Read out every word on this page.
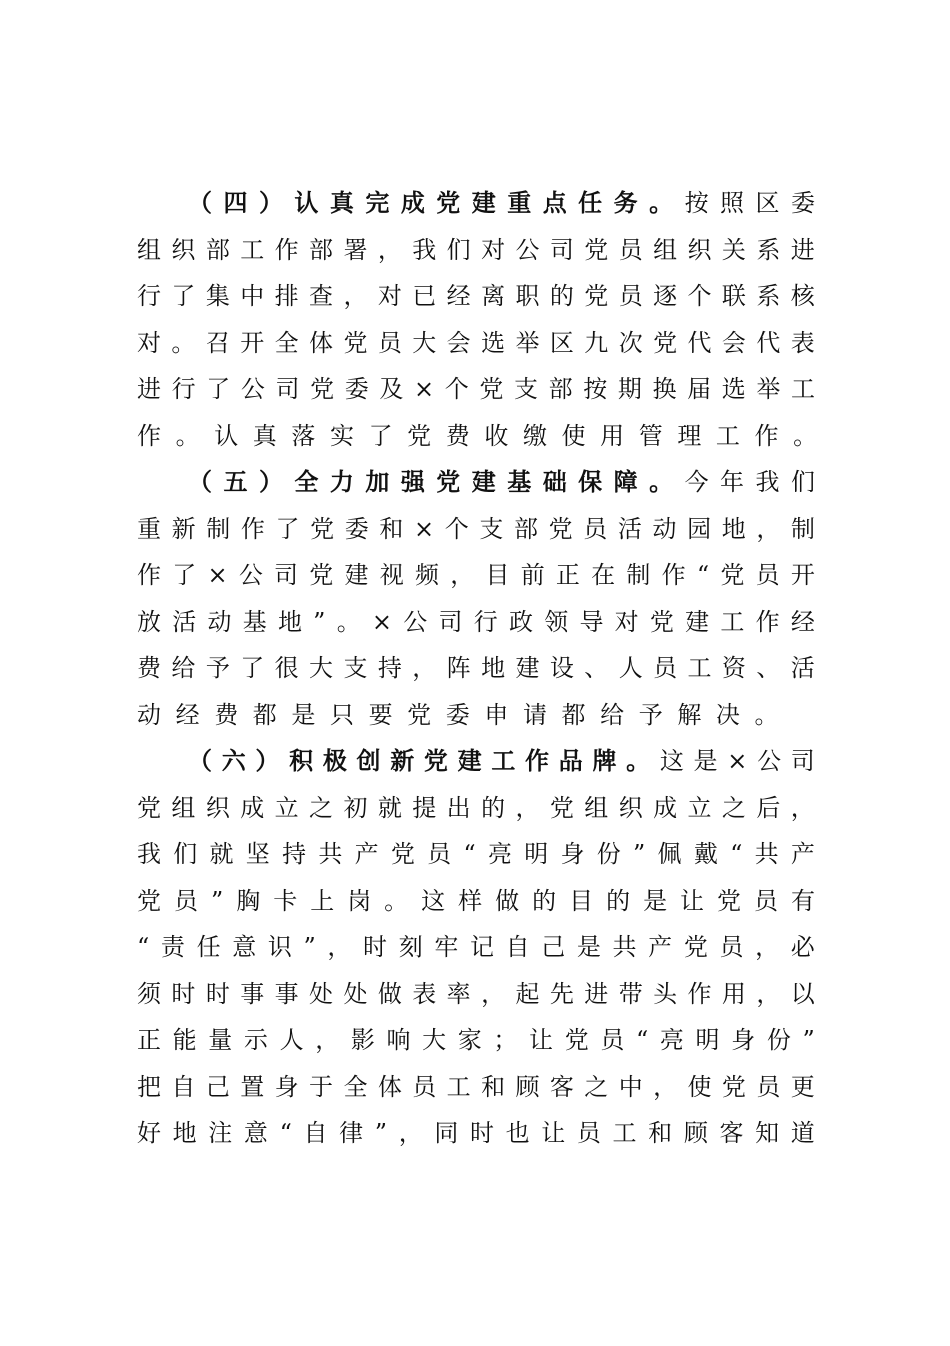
（ 四 ） 认 真 完 成 党 建 重 点 任 务 。 按 照 区 委
组 织 部 工 作 部 署 ， 我 们 对 公 司 党 员 组 织 关 系 进
行 了 集 中 排 查 ， 对 已 经 离 职 的 党 员 逐 个 联 系 核
对 。 召 开 全 体 党 员 大 会 选 举 区 九 次 党 代 会 代 表
进 行 了 公 司 党 委 及 × 个 党 支 部 按 期 换 届 选 举 工
作 。 认 真 落 实 了 党 费 收 缴 使 用 管 理 工 作 。
（ 五 ） 全 力 加 强 党 建 基 础 保 障 。 今 年 我 们
重 新 制 作 了 党 委 和 × 个 支 部 党 员 活 动 园 地 ， 制
作 了 × 公 司 党 建 视 频 ， 目 前 正 在 制 作 “ 党 员 开
放 活 动 基 地 ” 。 × 公 司 行 政 领 导 对 党 建 工 作 经
费 给 予 了 很 大 支 持 ， 阵 地 建 设 、 人 员 工 资 、 活
动 经 费 都 是 只 要 党 委 申 请 都 给 予 解 决 。
（ 六 ） 积 极 创 新 党 建 工 作 品 牌 。 这 是 × 公 司
党 组 织 成 立 之 初 就 提 出 的 ， 党 组 织 成 立 之 后 ，
我 们 就 坚 持 共 产 党 员 “ 亮 明 身 份 ” 佩 戴 “ 共 产
党 员 ” 胸 卡 上 岗 。 这 样 做 的 目 的 是 让 党 员 有
“ 责 任 意 识 ” ， 时 刻 牢 记 自 己 是 共 产 党 员 ， 必
须 时 时 事 事 处 处 做 表 率 ， 起 先 进 带 头 作 用 ， 以
正 能 量 示 人 ， 影 响 大 家 ； 让 党 员 “ 亮 明 身 份 ”
把 自 己 置 身 于 全 体 员 工 和 顾 客 之 中 ， 使 党 员 更
好 地 注 意 “ 自 律 ” ， 同 时 也 让 员 工 和 顾 客 知 道
